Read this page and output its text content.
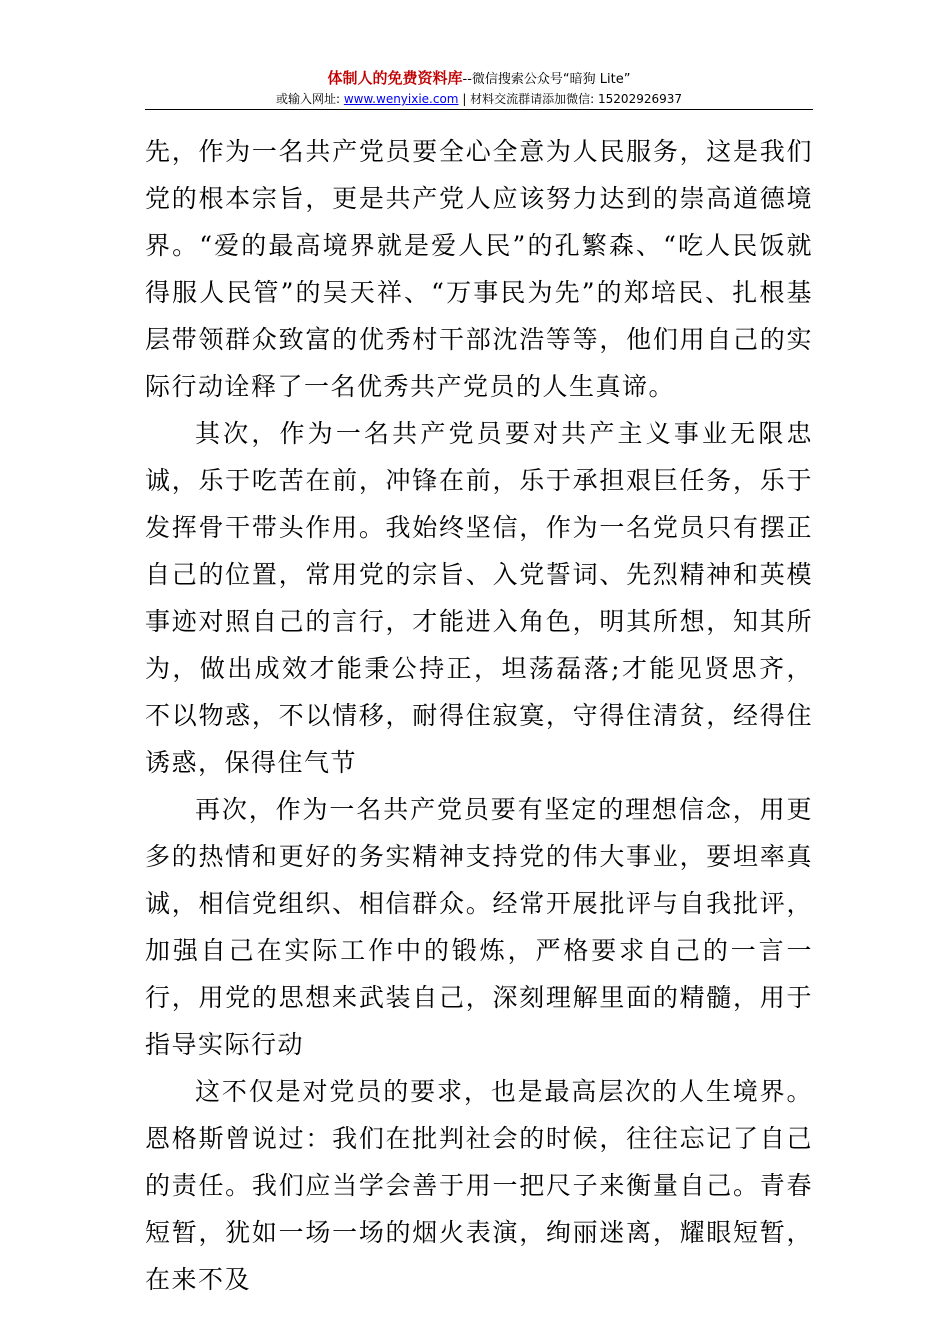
体制人的免费资料库--微信搜索公众号“暗狗 Lite”
或输入网址: www.wenyixie.com | 材料交流群请添加微信: 15202926937

先，作为一名共产党员要全心全意为人民服务，这是我们党的根本宗旨，更是共产党人应该努力达到的崇高道德境界。“爱的最高境界就是爱人民”的孔繁森、“吃人民饭就得服人民管”的吴天祥、“万事民为先”的郑培民、扎根基层带领群众致富的优秀村干部沈浩等等，他们用自己的实际行动诠释了一名优秀共产党员的人生真谛。

其次，作为一名共产党员要对共产主义事业无限忠诚，乐于吃苦在前，冲锋在前，乐于承担艰巨任务，乐于发挥骨干带头作用。我始终坚信，作为一名党员只有摆正自己的位置，常用党的宗旨、入党誓词、先烈精神和英模事迹对照自己的言行，才能进入角色，明其所想，知其所为，做出成效才能秉公持正，坦荡磊落;才能见贤思齐，不以物惑，不以情移，耐得住寂寞，守得住清贫，经得住诱惑，保得住气节

再次，作为一名共产党员要有坚定的理想信念，用更多的热情和更好的务实精神支持党的伟大事业，要坦率真诚，相信党组织、相信群众。经常开展批评与自我批评，加强自己在实际工作中的锻炼，严格要求自己的一言一行，用党的思想来武装自己，深刻理解里面的精髓，用于指导实际行动

这不仅是对党员的要求，也是最高层次的人生境界。恩格斯曾说过：我们在批判社会的时候，往往忘记了自己的责任。我们应当学会善于用一把尺子来衡量自己。青春短暂，犹如一场一场的烟火表演，绚丽迷离，耀眼短暂，在来不及
